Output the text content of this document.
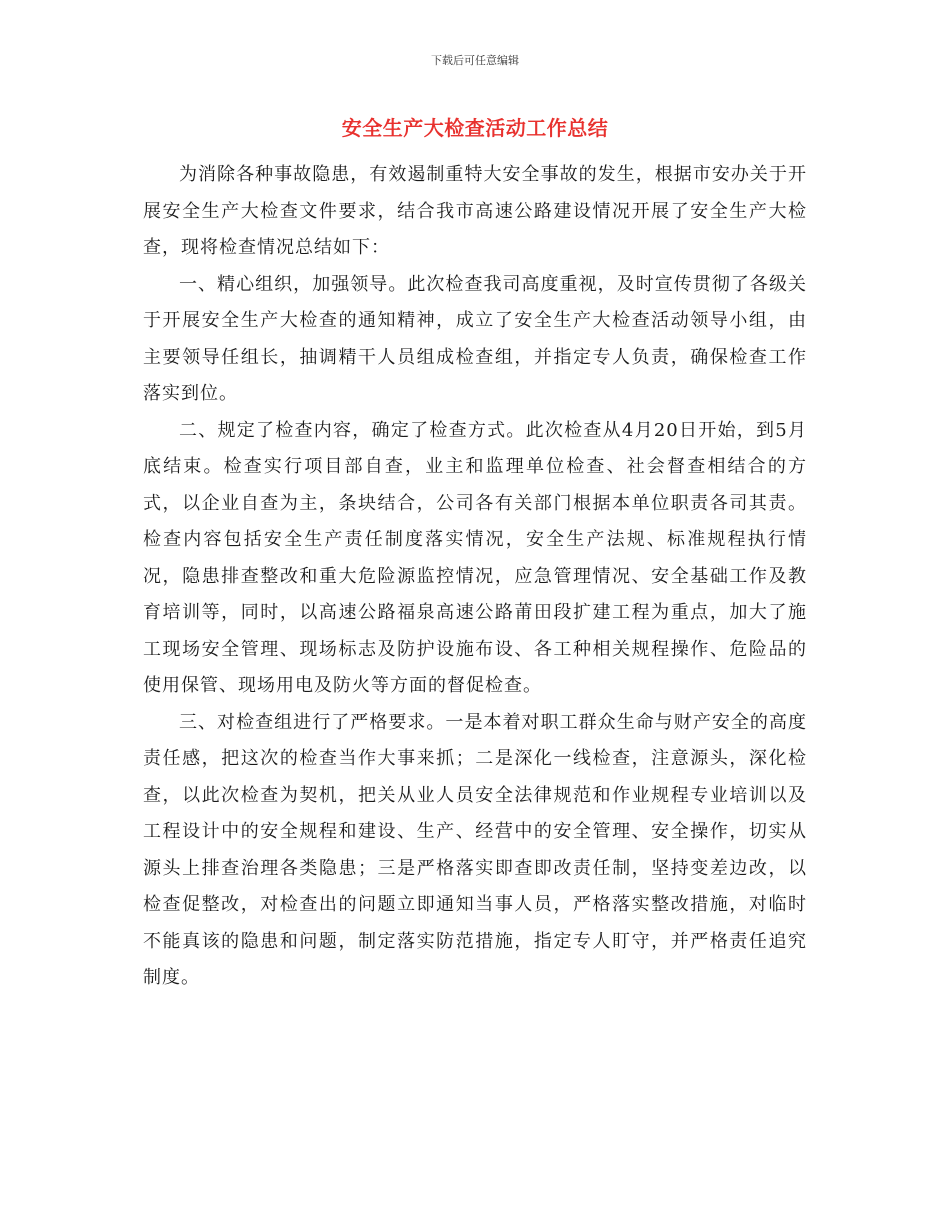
下载后可任意编辑
安全生产大检查活动工作总结

为消除各种事故隐患，有效遏制重特大安全事故的发生，根据市安办关于开展安全生产大检查文件要求，结合我市高速公路建设情况开展了安全生产大检查，现将检查情况总结如下：

一、精心组织，加强领导。此次检查我司高度重视，及时宣传贯彻了各级关于开展安全生产大检查的通知精神，成立了安全生产大检查活动领导小组，由主要领导任组长，抽调精干人员组成检查组，并指定专人负责，确保检查工作落实到位。

二、规定了检查内容，确定了检查方式。此次检查从4月20日开始，到5月底结束。检查实行项目部自查，业主和监理单位检查、社会督查相结合的方式，以企业自查为主，条块结合，公司各有关部门根据本单位职责各司其责。检查内容包括安全生产责任制度落实情况，安全生产法规、标准规程执行情况，隐患排查整改和重大危险源监控情况，应急管理情况、安全基础工作及教育培训等，同时，以高速公路福泉高速公路莆田段扩建工程为重点，加大了施工现场安全管理、现场标志及防护设施布设、各工种相关规程操作、危险品的使用保管、现场用电及防火等方面的督促检查。

三、对检查组进行了严格要求。一是本着对职工群众生命与财产安全的高度责任感，把这次的检查当作大事来抓；二是深化一线检查，注意源头，深化检查，以此次检查为契机，把关从业人员安全法律规范和作业规程专业培训以及工程设计中的安全规程和建设、生产、经营中的安全管理、安全操作，切实从源头上排查治理各类隐患；三是严格落实即查即改责任制，坚持变差边改，以检查促整改，对检查出的问题立即通知当事人员，严格落实整改措施，对临时不能真该的隐患和问题，制定落实防范措施，指定专人盯守，并严格责任追究制度。
